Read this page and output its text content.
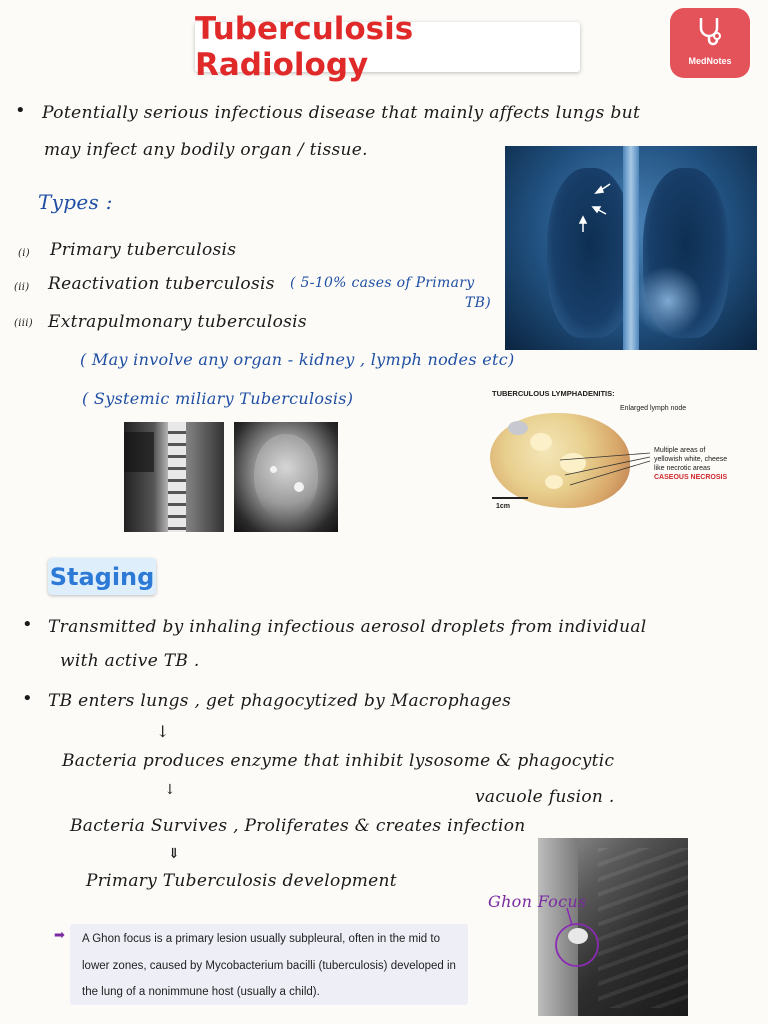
Tuberculosis Radiology	MedNotes
• Potentially serious infectious disease that mainly affects lungs but
may infect any bodily organ / tissue.
Types :
(i) Primary tuberculosis
(ii) Reactivation tuberculosis ( 5-10% cases of Primary
TB)
(iii) Extrapulmonary tuberculosis
( May involve any organ - kidney , lymph nodes etc)
( Systemic miliary Tuberculosis)	TUBERCULOUS LYMPHADENITIS:
Enlarged lymph node
Multiple areas of
yellowish white, cheese
like necrotic areas
CASEOUS NECROSIS
1cm
Staging
• Transmitted by inhaling infectious aerosol droplets from individual
with active TB .
• TB enters lungs , get phagocytized by Macrophages
↓
Bacteria produces enzyme that inhibit lysosome & phagocytic
vacuole fusion .
↓
Bacteria Survives , Proliferates & creates infection
⇓
Primary Tuberculosis development
Ghon Focus
➡ A Ghon focus is a primary lesion usually subpleural, often in the mid to lower zones, caused by Mycobacterium bacilli (tuberculosis) developed in the lung of a nonimmune host (usually a child).
